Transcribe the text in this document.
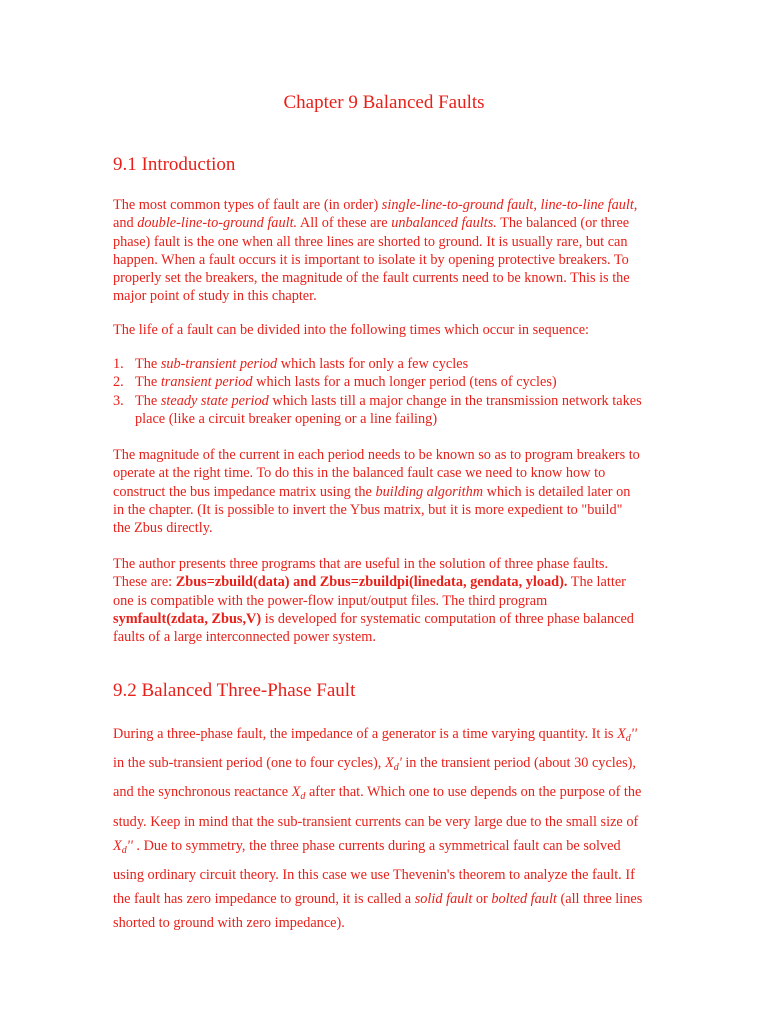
Chapter 9 Balanced Faults
9.1 Introduction

The most common types of fault are (in order) single-line-to-ground fault, line-to-line fault, and double-line-to-ground fault. All of these are unbalanced faults. The balanced (or three phase) fault is the one when all three lines are shorted to ground. It is usually rare, but can happen. When a fault occurs it is important to isolate it by opening protective breakers. To properly set the breakers, the magnitude of the fault currents need to be known. This is the major point of study in this chapter.

The life of a fault can be divided into the following times which occur in sequence:

1. The sub-transient period which lasts for only a few cycles
2. The transient period which lasts for a much longer period (tens of cycles)
3. The steady state period which lasts till a major change in the transmission network takes place (like a circuit breaker opening or a line failing)

The magnitude of the current in each period needs to be known so as to program breakers to operate at the right time. To do this in the balanced fault case we need to know how to construct the bus impedance matrix using the building algorithm which is detailed later on in the chapter. (It is possible to invert the Ybus matrix, but it is more expedient to "build" the Zbus directly.

The author presents three programs that are useful in the solution of three phase faults. These are: Zbus=zbuild(data) and Zbus=zbuildpi(linedata, gendata, yload). The latter one is compatible with the power-flow input/output files. The third program symfault(zdata, Zbus,V) is developed for systematic computation of three phase balanced faults of a large interconnected power system.

9.2 Balanced Three-Phase Fault

During a three-phase fault, the impedance of a generator is a time varying quantity. It is $X_d''$ in the sub-transient period (one to four cycles), $X_d'$ in the transient period (about 30 cycles), and the synchronous reactance $X_d$ after that. Which one to use depends on the purpose of the study. Keep in mind that the sub-transient currents can be very large due to the small size of $X_d''$ . Due to symmetry, the three phase currents during a symmetrical fault can be solved using ordinary circuit theory. In this case we use Thevenin's theorem to analyze the fault. If the fault has zero impedance to ground, it is called a solid fault or bolted fault (all three lines shorted to ground with zero impedance).
